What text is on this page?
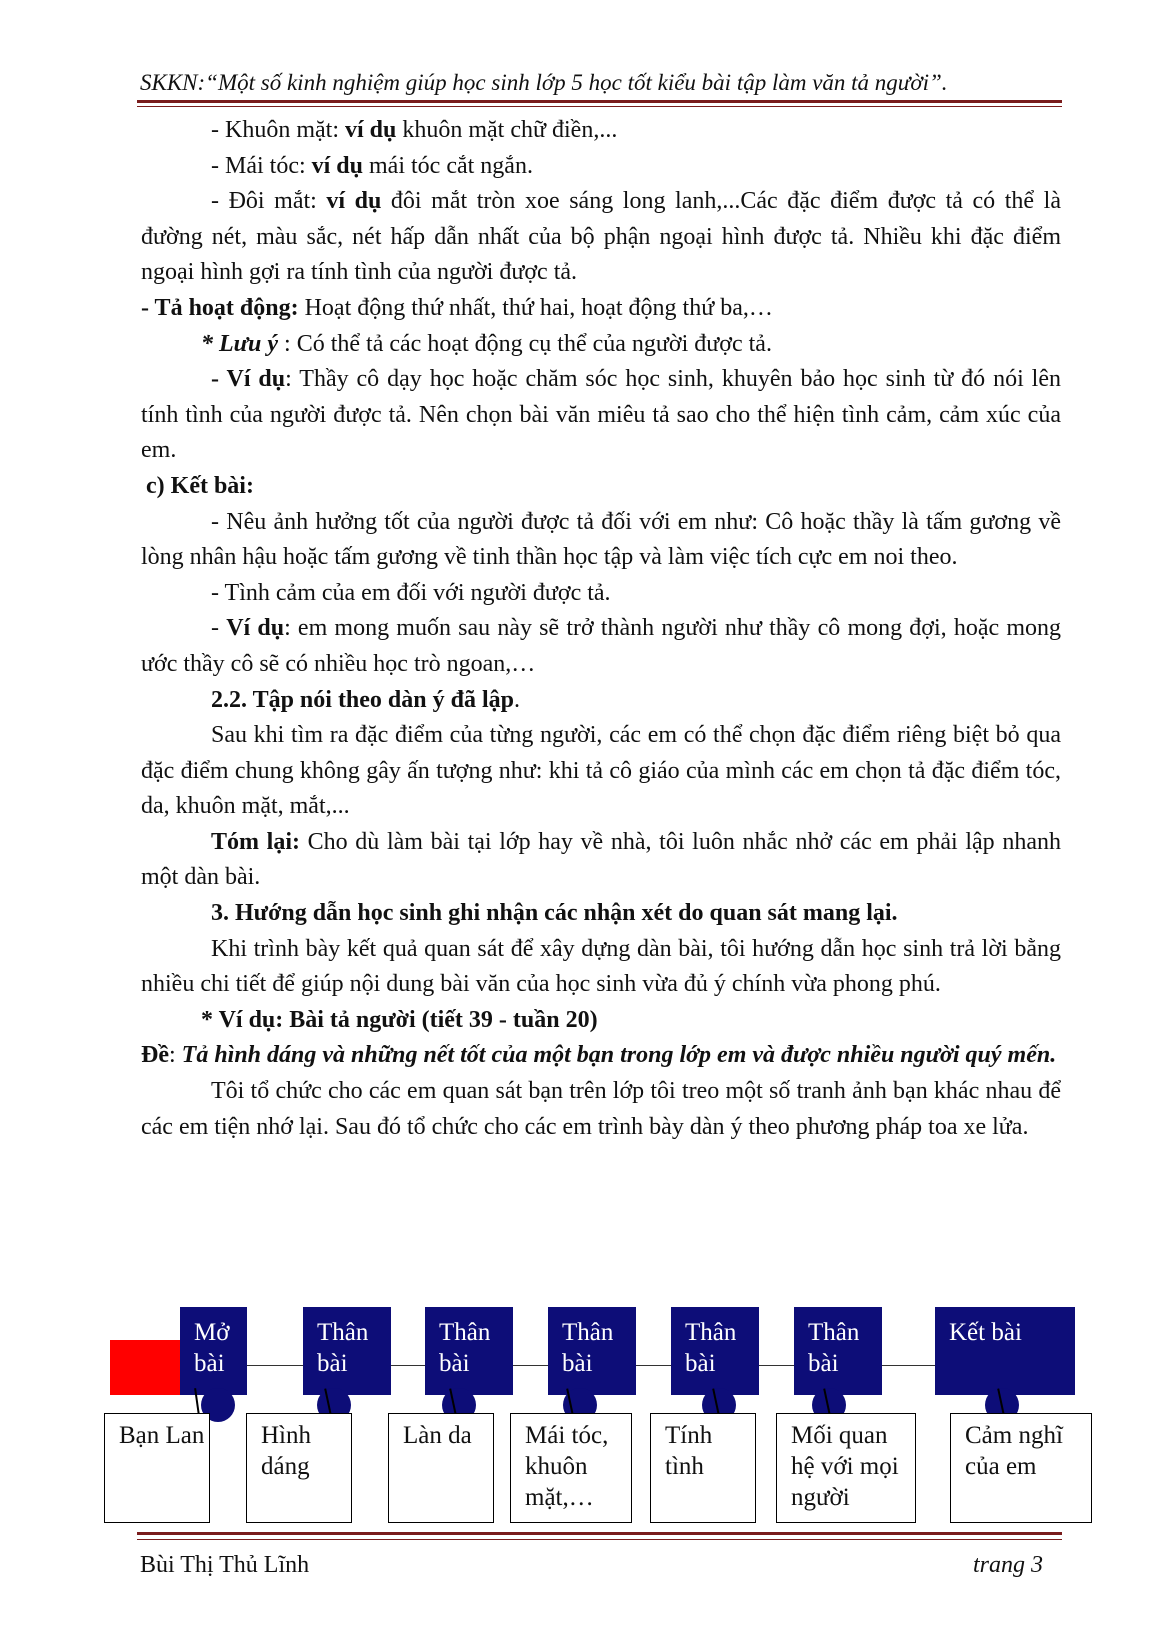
SKKN:“Một số kinh nghiệm giúp học sinh lớp 5 học tốt kiểu bài tập làm văn tả người”.

- Khuôn mặt: ví dụ khuôn mặt chữ điền,...

- Mái tóc: ví dụ mái tóc cắt ngắn.

- Đôi mắt: ví dụ đôi mắt tròn xoe sáng long lanh,...Các đặc điểm được tả có thể là đường nét, màu sắc, nét hấp dẫn nhất của bộ phận ngoại hình được tả. Nhiều khi đặc điểm ngoại hình gợi ra tính tình của người được tả.

- Tả hoạt động: Hoạt động thứ nhất, thứ hai, hoạt động thứ ba,…

* Lưu ý : Có thể tả các hoạt động cụ thể của người được tả.

- Ví dụ: Thầy cô dạy học hoặc chăm sóc học sinh, khuyên bảo học sinh từ đó nói lên tính tình của người được tả. Nên chọn bài văn miêu tả sao cho thể hiện tình cảm, cảm xúc của em.

c) Kết bài:

- Nêu ảnh hưởng tốt của người được tả đối với em như: Cô hoặc thầy là tấm gương về lòng nhân hậu hoặc tấm gương về tinh thần học tập và làm việc tích cực em noi theo.

- Tình cảm của em đối với người được tả.

- Ví dụ: em mong muốn sau này sẽ trở thành người như thầy cô mong đợi, hoặc mong ước thầy cô sẽ có nhiều học trò ngoan,…

2.2. Tập nói theo dàn ý đã lập.

Sau khi tìm ra đặc điểm của từng người, các em có thể chọn đặc điểm riêng biệt bỏ qua đặc điểm chung không gây ấn tượng như: khi tả cô giáo của mình các em chọn tả đặc điểm tóc, da, khuôn mặt, mắt,...

Tóm lại: Cho dù làm bài tại lớp hay về nhà, tôi luôn nhắc nhở các em phải lập nhanh một dàn bài.

3. Hướng dẫn học sinh ghi nhận các nhận xét do quan sát mang lại.

Khi trình bày kết quả quan sát để xây dựng dàn bài, tôi hướng dẫn học sinh trả lời bằng nhiều chi tiết để giúp nội dung bài văn của học sinh vừa đủ ý chính vừa phong phú.

* Ví dụ: Bài tả người (tiết 39 - tuần 20)

Đề: Tả hình dáng và những nết tốt của một bạn trong lớp em và được nhiều người quý mến.

Tôi tổ chức cho các em quan sát bạn trên lớp tôi treo một số tranh ảnh bạn khác nhau để các em tiện nhớ lại. Sau đó tổ chức cho các em trình bày dàn ý theo phương pháp toa xe lửa.

Mở bài
Thân bài
Thân bài
Thân bài
Thân bài
Thân bài
Kết bài
Bạn Lan	Hình dáng
Làn da	Mái tóc, khuôn mặt,…
Tính tình
Mối quan hệ với mọi người
Cảm nghĩ của em
Bùi Thị Thủ Lĩnh	trang 3
